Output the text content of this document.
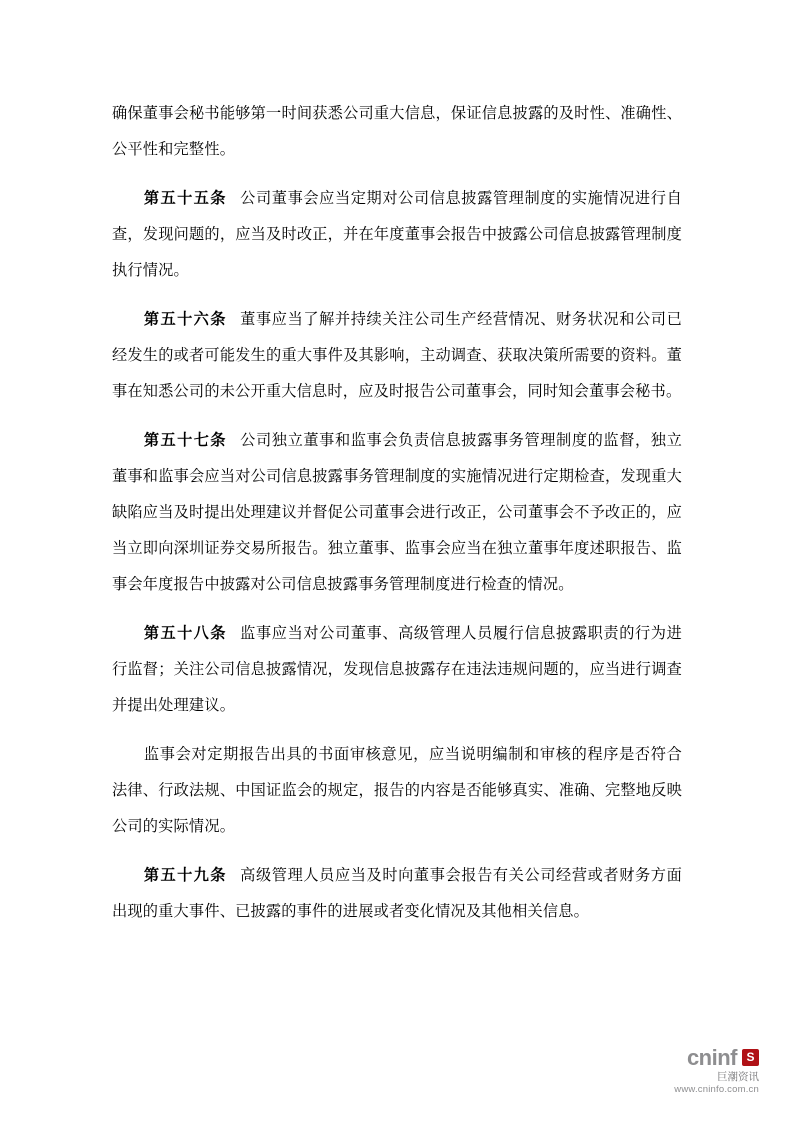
确保董事会秘书能够第一时间获悉公司重大信息，保证信息披露的及时性、准确性、公平性和完整性。

第五十五条 公司董事会应当定期对公司信息披露管理制度的实施情况进行自查，发现问题的，应当及时改正，并在年度董事会报告中披露公司信息披露管理制度执行情况。

第五十六条 董事应当了解并持续关注公司生产经营情况、财务状况和公司已经发生的或者可能发生的重大事件及其影响，主动调查、获取决策所需要的资料。董事在知悉公司的未公开重大信息时，应及时报告公司董事会，同时知会董事会秘书。

第五十七条 公司独立董事和监事会负责信息披露事务管理制度的监督，独立董事和监事会应当对公司信息披露事务管理制度的实施情况进行定期检查，发现重大缺陷应当及时提出处理建议并督促公司董事会进行改正，公司董事会不予改正的，应当立即向深圳证券交易所报告。独立董事、监事会应当在独立董事年度述职报告、监事会年度报告中披露对公司信息披露事务管理制度进行检查的情况。

第五十八条 监事应当对公司董事、高级管理人员履行信息披露职责的行为进行监督；关注公司信息披露情况，发现信息披露存在违法违规问题的，应当进行调查并提出处理建议。

监事会对定期报告出具的书面审核意见，应当说明编制和审核的程序是否符合法律、行政法规、中国证监会的规定，报告的内容是否能够真实、准确、完整地反映公司的实际情况。

第五十九条 高级管理人员应当及时向董事会报告有关公司经营或者财务方面出现的重大事件、已披露的事件的进展或者变化情况及其他相关信息。

cninf S
巨潮资讯
www.cninfo.com.cn
